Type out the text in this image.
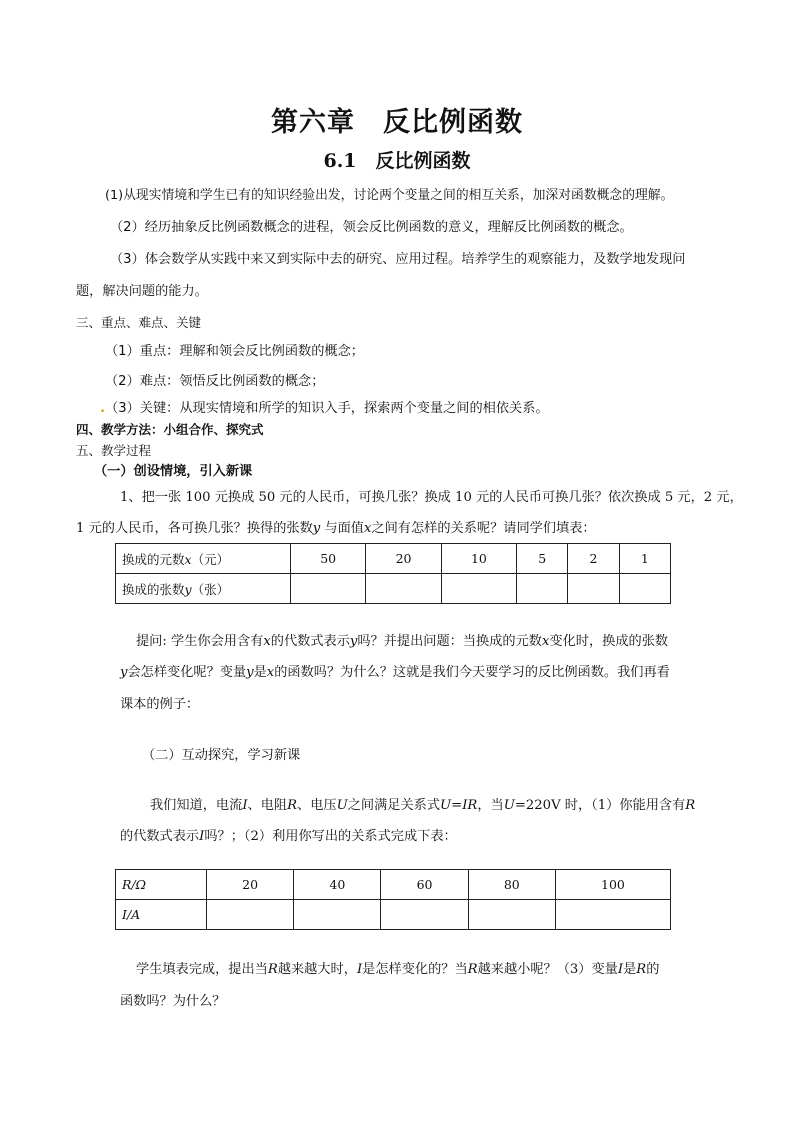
第六章　反比例函数
6.1　反比例函数
(1)从现实情境和学生已有的知识经验出发，讨论两个变量之间的相互关系，加深对函数概念的理解。
（2）经历抽象反比例函数概念的进程，领会反比例函数的意义，理解反比例函数的概念。
（3）体会数学从实践中来又到实际中去的研究、应用过程。培养学生的观察能力，及数学地发现问
题，解决问题的能力。
三、重点、难点、关键
（1）重点：理解和领会反比例函数的概念；
（2）难点：领悟反比例函数的概念；
.（3）关键：从现实情境和所学的知识入手，探索两个变量之间的相依关系。
四、教学方法：小组合作、探究式
五、教学过程
（一）创设情境，引入新课
1、把一张 100 元换成 50 元的人民币，可换几张？换成 10 元的人民币可换几张？依次换成 5 元，2 元，
1 元的人民币，各可换几张？换得的张数y 与面值x之间有怎样的关系呢？请同学们填表：
换成的元数x（元）	50	20	10	5	2	1
换成的张数y（张）						
提问: 学生你会用含有x的代数式表示y吗？并提出问题：当换成的元数x变化时，换成的张数
y会怎样变化呢？变量y是x的函数吗？为什么？这就是我们今天要学习的反比例函数。我们再看
课本的例子：
（二）互动探究，学习新课
我们知道，电流I、电阻R、电压U之间满足关系式U=IR，当U=220V 时，（1）你能用含有R
的代数式表示I吗？；（2）利用你写出的关系式完成下表：
R/Ω	20	40	60	80	100
I/A					
学生填表完成，提出当R越来越大时，I是怎样变化的？当R越来越小呢？（3）变量I是R的
函数吗？为什么？
